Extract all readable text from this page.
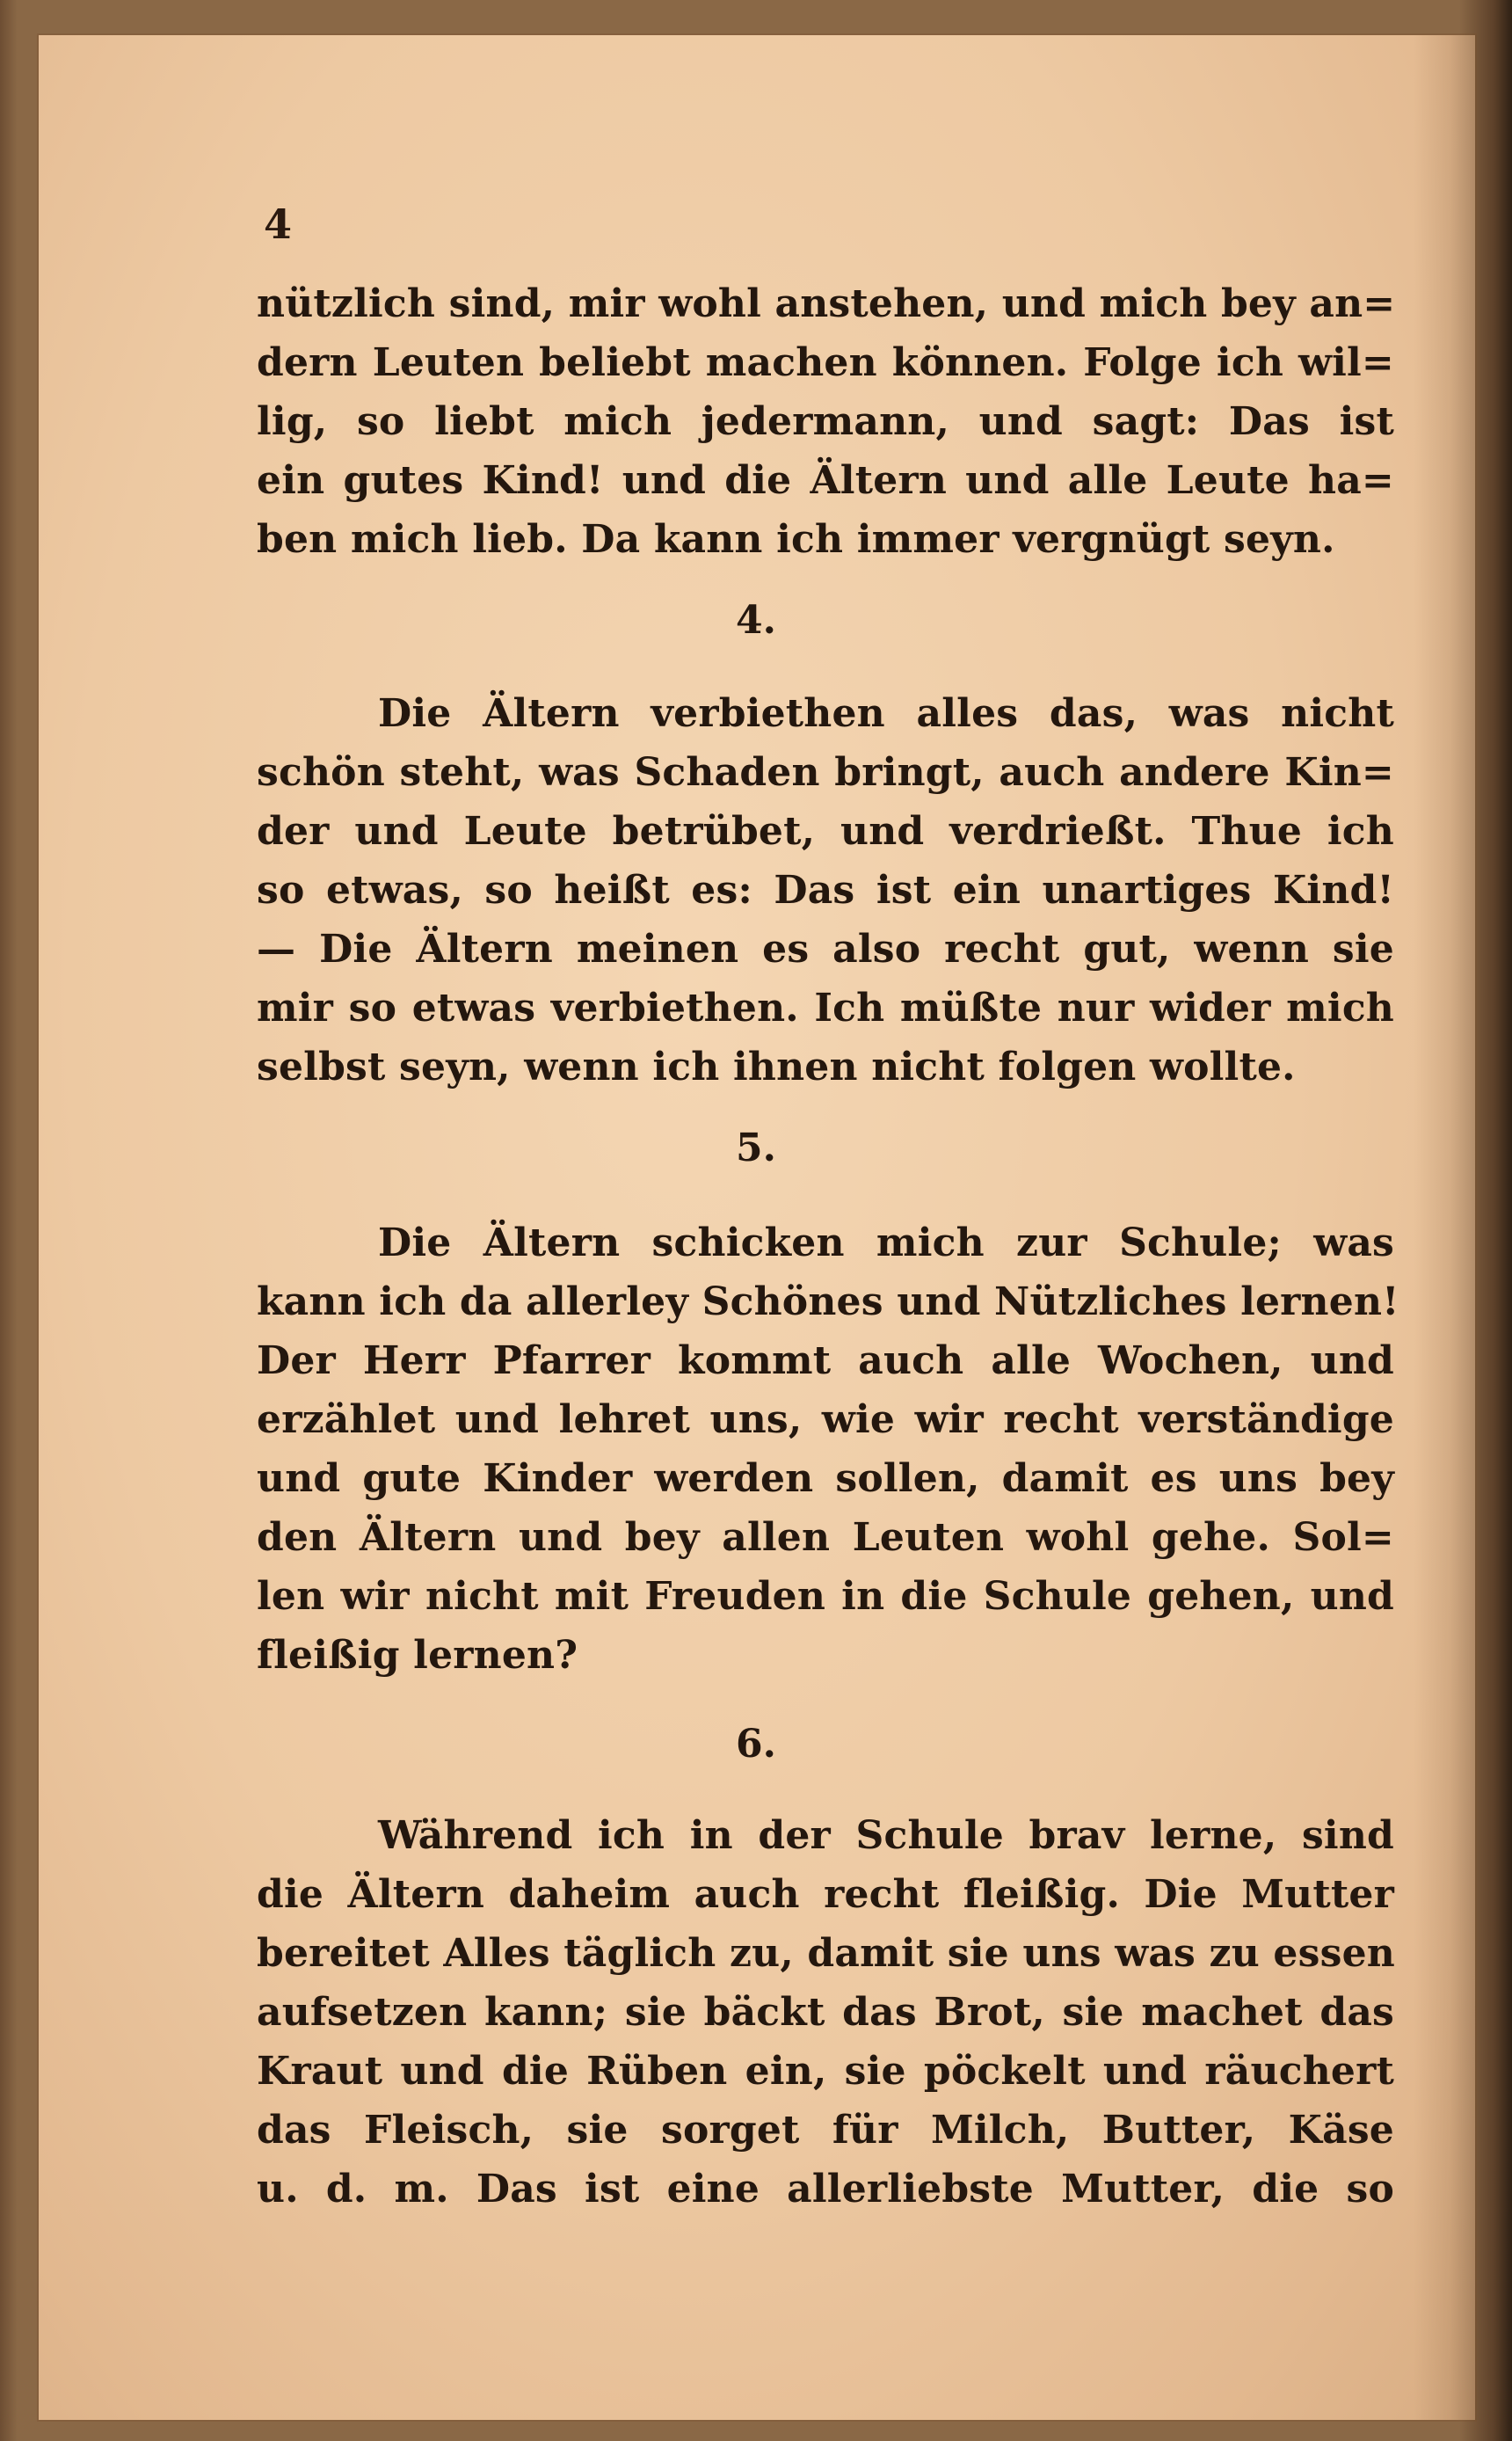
4
nützlich sind, mir wohl anstehen, und mich bey an=
dern Leuten beliebt machen können. Folge ich wil=
lig, so liebt mich jedermann, und sagt: Das ist
ein gutes Kind! und die Ältern und alle Leute ha=
ben mich lieb. Da kann ich immer vergnügt seyn.
4.
Die Ältern verbiethen alles das, was nicht
schön steht, was Schaden bringt, auch andere Kin=
der und Leute betrübet, und verdrießt. Thue ich
so etwas, so heißt es: Das ist ein unartiges Kind!
— Die Ältern meinen es also recht gut, wenn sie
mir so etwas verbiethen. Ich müßte nur wider mich
selbst seyn, wenn ich ihnen nicht folgen wollte.
5.
Die Ältern schicken mich zur Schule; was
kann ich da allerley Schönes und Nützliches lernen!
Der Herr Pfarrer kommt auch alle Wochen, und
erzählet und lehret uns, wie wir recht verständige
und gute Kinder werden sollen, damit es uns bey
den Ältern und bey allen Leuten wohl gehe. Sol=
len wir nicht mit Freuden in die Schule gehen, und
fleißig lernen?
6.
Während ich in der Schule brav lerne, sind
die Ältern daheim auch recht fleißig. Die Mutter
bereitet Alles täglich zu, damit sie uns was zu essen
aufsetzen kann; sie bäckt das Brot, sie machet das
Kraut und die Rüben ein, sie pöckelt und räuchert
das Fleisch, sie sorget für Milch, Butter, Käse
u. d. m. Das ist eine allerliebste Mutter, die so
